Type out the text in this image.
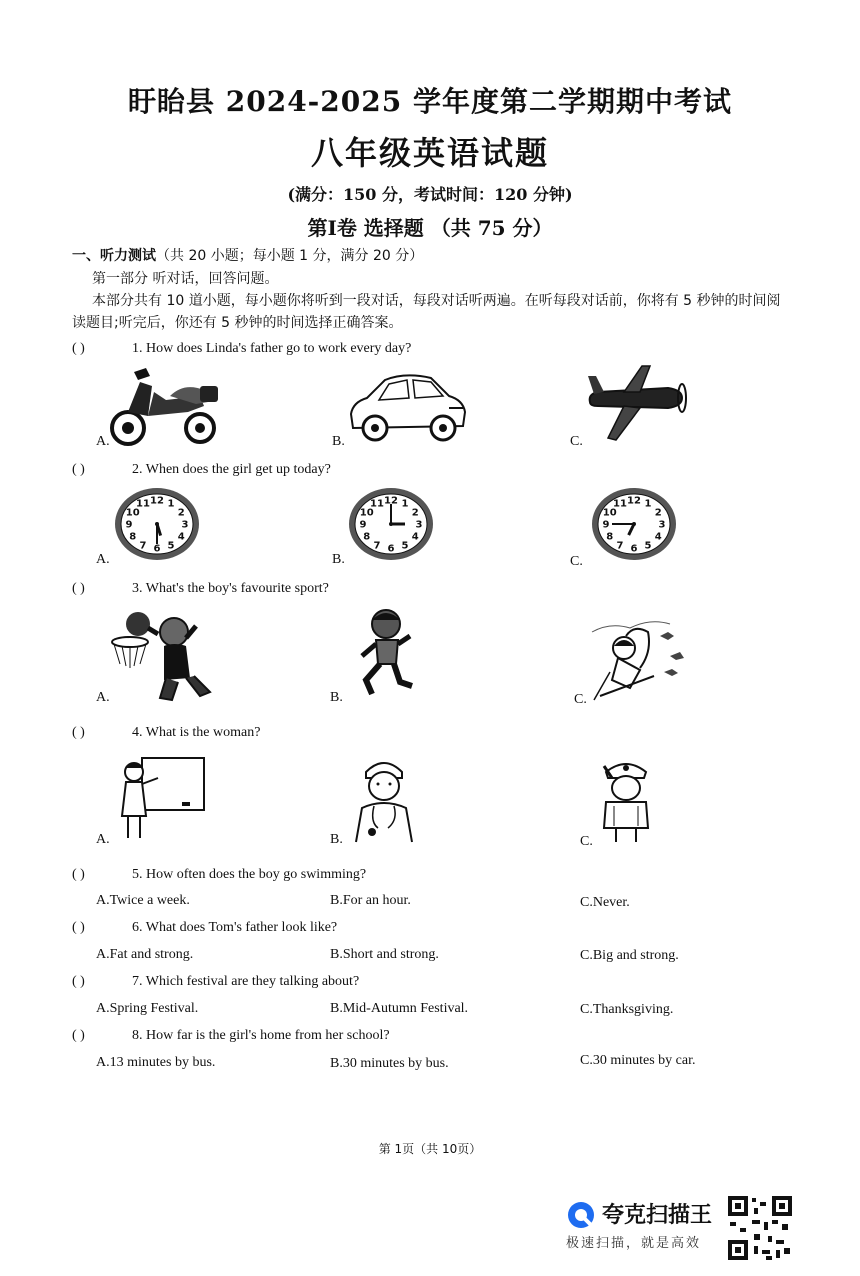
盱眙县 2024-2025 学年度第二学期期中考试
八年级英语试题
(满分：150 分，考试时间：120 分钟)
第Ⅰ卷 选择题 （共 75 分）
一、听力测试（共 20 小题；每小题 1 分，满分 20 分）
第一部分 听对话，回答问题。
本部分共有 10 道小题，每小题你将听到一段对话，每段对话听两遍。在听每段对话前，你将有 5 秒钟的时间阅读题目;听完后，你还有 5 秒钟的时间选择正确答案。
( )	1. How does Linda's father go to work every day?
A.	B.	C.
( )	2. When does the girl get up today?
A.	B.	C.
1
2
3
4
5
6
7
8
9
10
11 12	1
2
3
4
5
6
7
8
9
10
11 12	1
2
3
4
5
6
7
8
9
10
11 12
( )	3. What's the boy's favourite sport?
A.	B.	C.
( )	4. What is the woman?
A.	B.	C.
( )	5. How often does the boy go swimming?
A.Twice a week.	B.For an hour.	C.Never.
( )	6. What does Tom's father look like?
A.Fat and strong.	B.Short and strong.	C.Big and strong.
( )	7. Which festival are they talking about?
A.Spring Festival.	B.Mid-Autumn Festival.	C.Thanksgiving.
( )	8. How far is the girl's home from her school?
A.13 minutes by bus.	B.30 minutes by bus.	C.30 minutes by car.
第 1页（共 10页）
夸克扫描王
极速扫描，就是高效
